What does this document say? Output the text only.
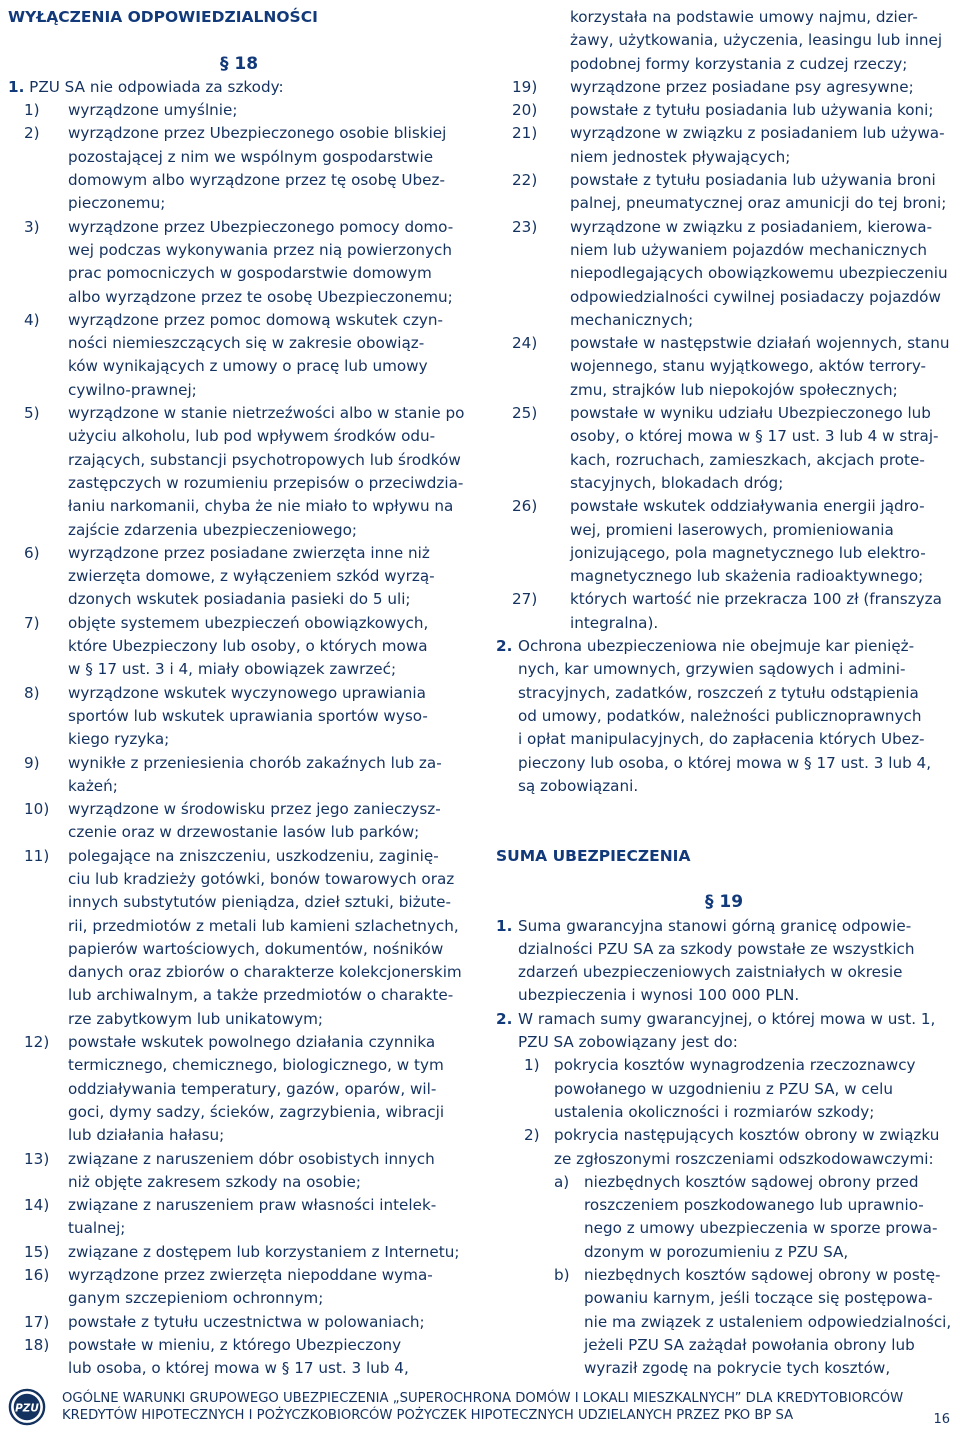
WYŁĄCZENIA ODPOWIEDZIALNOŚCI
§ 18
1. PZU SA nie odpowiada za szkody:
1) wyrządzone umyślnie;
2) wyrządzone przez Ubezpieczonego osobie bliskiej
pozostającej z nim we wspólnym gospodarstwie
domowym albo wyrządzone przez tę osobę Ubez-
pieczonemu;
3) wyrządzone przez Ubezpieczonego pomocy domo-
wej podczas wykonywania przez nią powierzonych
prac pomocniczych w gospodarstwie domowym
albo wyrządzone przez te osobę Ubezpieczonemu;
4) wyrządzone przez pomoc domową wskutek czyn-
ności niemieszczących się w zakresie obowiąz-
ków wynikających z umowy o pracę lub umowy
cywilno-prawnej;
5) wyrządzone w stanie nietrzeźwości albo w stanie po
użyciu alkoholu, lub pod wpływem środków odu-
rzających, substancji psychotropowych lub środków
zastępczych w rozumieniu przepisów o przeciwdzia-
łaniu narkomanii, chyba że nie miało to wpływu na
zajście zdarzenia ubezpieczeniowego;
6) wyrządzone przez posiadane zwierzęta inne niż
zwierzęta domowe, z wyłączeniem szkód wyrzą-
dzonych wskutek posiadania pasieki do 5 uli;
7) objęte systemem ubezpieczeń obowiązkowych,
które Ubezpieczony lub osoby, o których mowa
w § 17 ust. 3 i 4, miały obowiązek zawrzeć;
8) wyrządzone wskutek wyczynowego uprawiania
sportów lub wskutek uprawiania sportów wyso-
kiego ryzyka;
9) wynikłe z przeniesienia chorób zakaźnych lub za-
każeń;
10) wyrządzone w środowisku przez jego zanieczysz-
czenie oraz w drzewostanie lasów lub parków;
11) polegające na zniszczeniu, uszkodzeniu, zaginię-
ciu lub kradzieży gotówki, bonów towarowych oraz
innych substytutów pieniądza, dzieł sztuki, biżute-
rii, przedmiotów z metali lub kamieni szlachetnych,
papierów wartościowych, dokumentów, nośników
danych oraz zbiorów o charakterze kolekcjonerskim
lub archiwalnym, a także przedmiotów o charakte-
rze zabytkowym lub unikatowym;
12) powstałe wskutek powolnego działania czynnika
termicznego, chemicznego, biologicznego, w tym
oddziaływania temperatury, gazów, oparów, wil-
goci, dymy sadzy, ścieków, zagrzybienia, wibracji
lub działania hałasu;
13) związane z naruszeniem dóbr osobistych innych
niż objęte zakresem szkody na osobie;
14) związane z naruszeniem praw własności intelek-
tualnej;
15) związane z dostępem lub korzystaniem z Internetu;
16) wyrządzone przez zwierzęta niepoddane wyma-
ganym szczepieniom ochronnym;
17) powstałe z tytułu uczestnictwa w polowaniach;
18) powstałe w mieniu, z którego Ubezpieczony
lub osoba, o której mowa w § 17 ust. 3 lub 4,
korzystała na podstawie umowy najmu, dzier-
żawy, użytkowania, użyczenia, leasingu lub innej
podobnej formy korzystania z cudzej rzeczy;
19) wyrządzone przez posiadane psy agresywne;
20) powstałe z tytułu posiadania lub używania koni;
21) wyrządzone w związku z posiadaniem lub używa-
niem jednostek pływających;
22) powstałe z tytułu posiadania lub używania broni
palnej, pneumatycznej oraz amunicji do tej broni;
23) wyrządzone w związku z posiadaniem, kierowa-
niem lub używaniem pojazdów mechanicznych
niepodlegających obowiązkowemu ubezpieczeniu
odpowiedzialności cywilnej posiadaczy pojazdów
mechanicznych;
24) powstałe w następstwie działań wojennych, stanu
wojennego, stanu wyjątkowego, aktów terrory-
zmu, strajków lub niepokojów społecznych;
25) powstałe w wyniku udziału Ubezpieczonego lub
osoby, o której mowa w § 17 ust. 3 lub 4 w straj-
kach, rozruchach, zamieszkach, akcjach prote-
stacyjnych, blokadach dróg;
26) powstałe wskutek oddziaływania energii jądro-
wej, promieni laserowych, promieniowania
jonizującego, pola magnetycznego lub elektro-
magnetycznego lub skażenia radioaktywnego;
27) których wartość nie przekracza 100 zł (franszyza
integralna).
2. Ochrona ubezpieczeniowa nie obejmuje kar pienięż-
nych, kar umownych, grzywien sądowych i admini-
stracyjnych, zadatków, roszczeń z tytułu odstąpienia
od umowy, podatków, należności publicznoprawnych
i opłat manipulacyjnych, do zapłacenia których Ubez-
pieczony lub osoba, o której mowa w § 17 ust. 3 lub 4,
są zobowiązani.
SUMA UBEZPIECZENIA
§ 19
1. Suma gwarancyjna stanowi górną granicę odpowie-
dzialności PZU SA za szkody powstałe ze wszystkich
zdarzeń ubezpieczeniowych zaistniałych w okresie
ubezpieczenia i wynosi 100 000 PLN.
2. W ramach sumy gwarancyjnej, o której mowa w ust. 1,
PZU SA zobowiązany jest do:
1) pokrycia kosztów wynagrodzenia rzeczoznawcy
powołanego w uzgodnieniu z PZU SA, w celu
ustalenia okoliczności i rozmiarów szkody;
2) pokrycia następujących kosztów obrony w związku
ze zgłoszonymi roszczeniami odszkodowawczymi:
a) niezbędnych kosztów sądowej obrony przed
roszczeniem poszkodowanego lub uprawnio-
nego z umowy ubezpieczenia w sporze prowa-
dzonym w porozumieniu z PZU SA,
b) niezbędnych kosztów sądowej obrony w postę-
powaniu karnym, jeśli toczące się postępowa-
nie ma związek z ustaleniem odpowiedzialności,
jeżeli PZU SA zażądał powołania obrony lub
wyraził zgodę na pokrycie tych kosztów,
PZU
OGÓLNE WARUNKI GRUPOWEGO UBEZPIECZENIA „SUPEROCHRONA DOMÓW I LOKALI MIESZKALNYCH” DLA KREDYTOBIORCÓW
KREDYTÓW HIPOTECZNYCH I POŻYCZKOBIORCÓW POŻYCZEK HIPOTECZNYCH UDZIELANYCH PRZEZ PKO BP SA	16
